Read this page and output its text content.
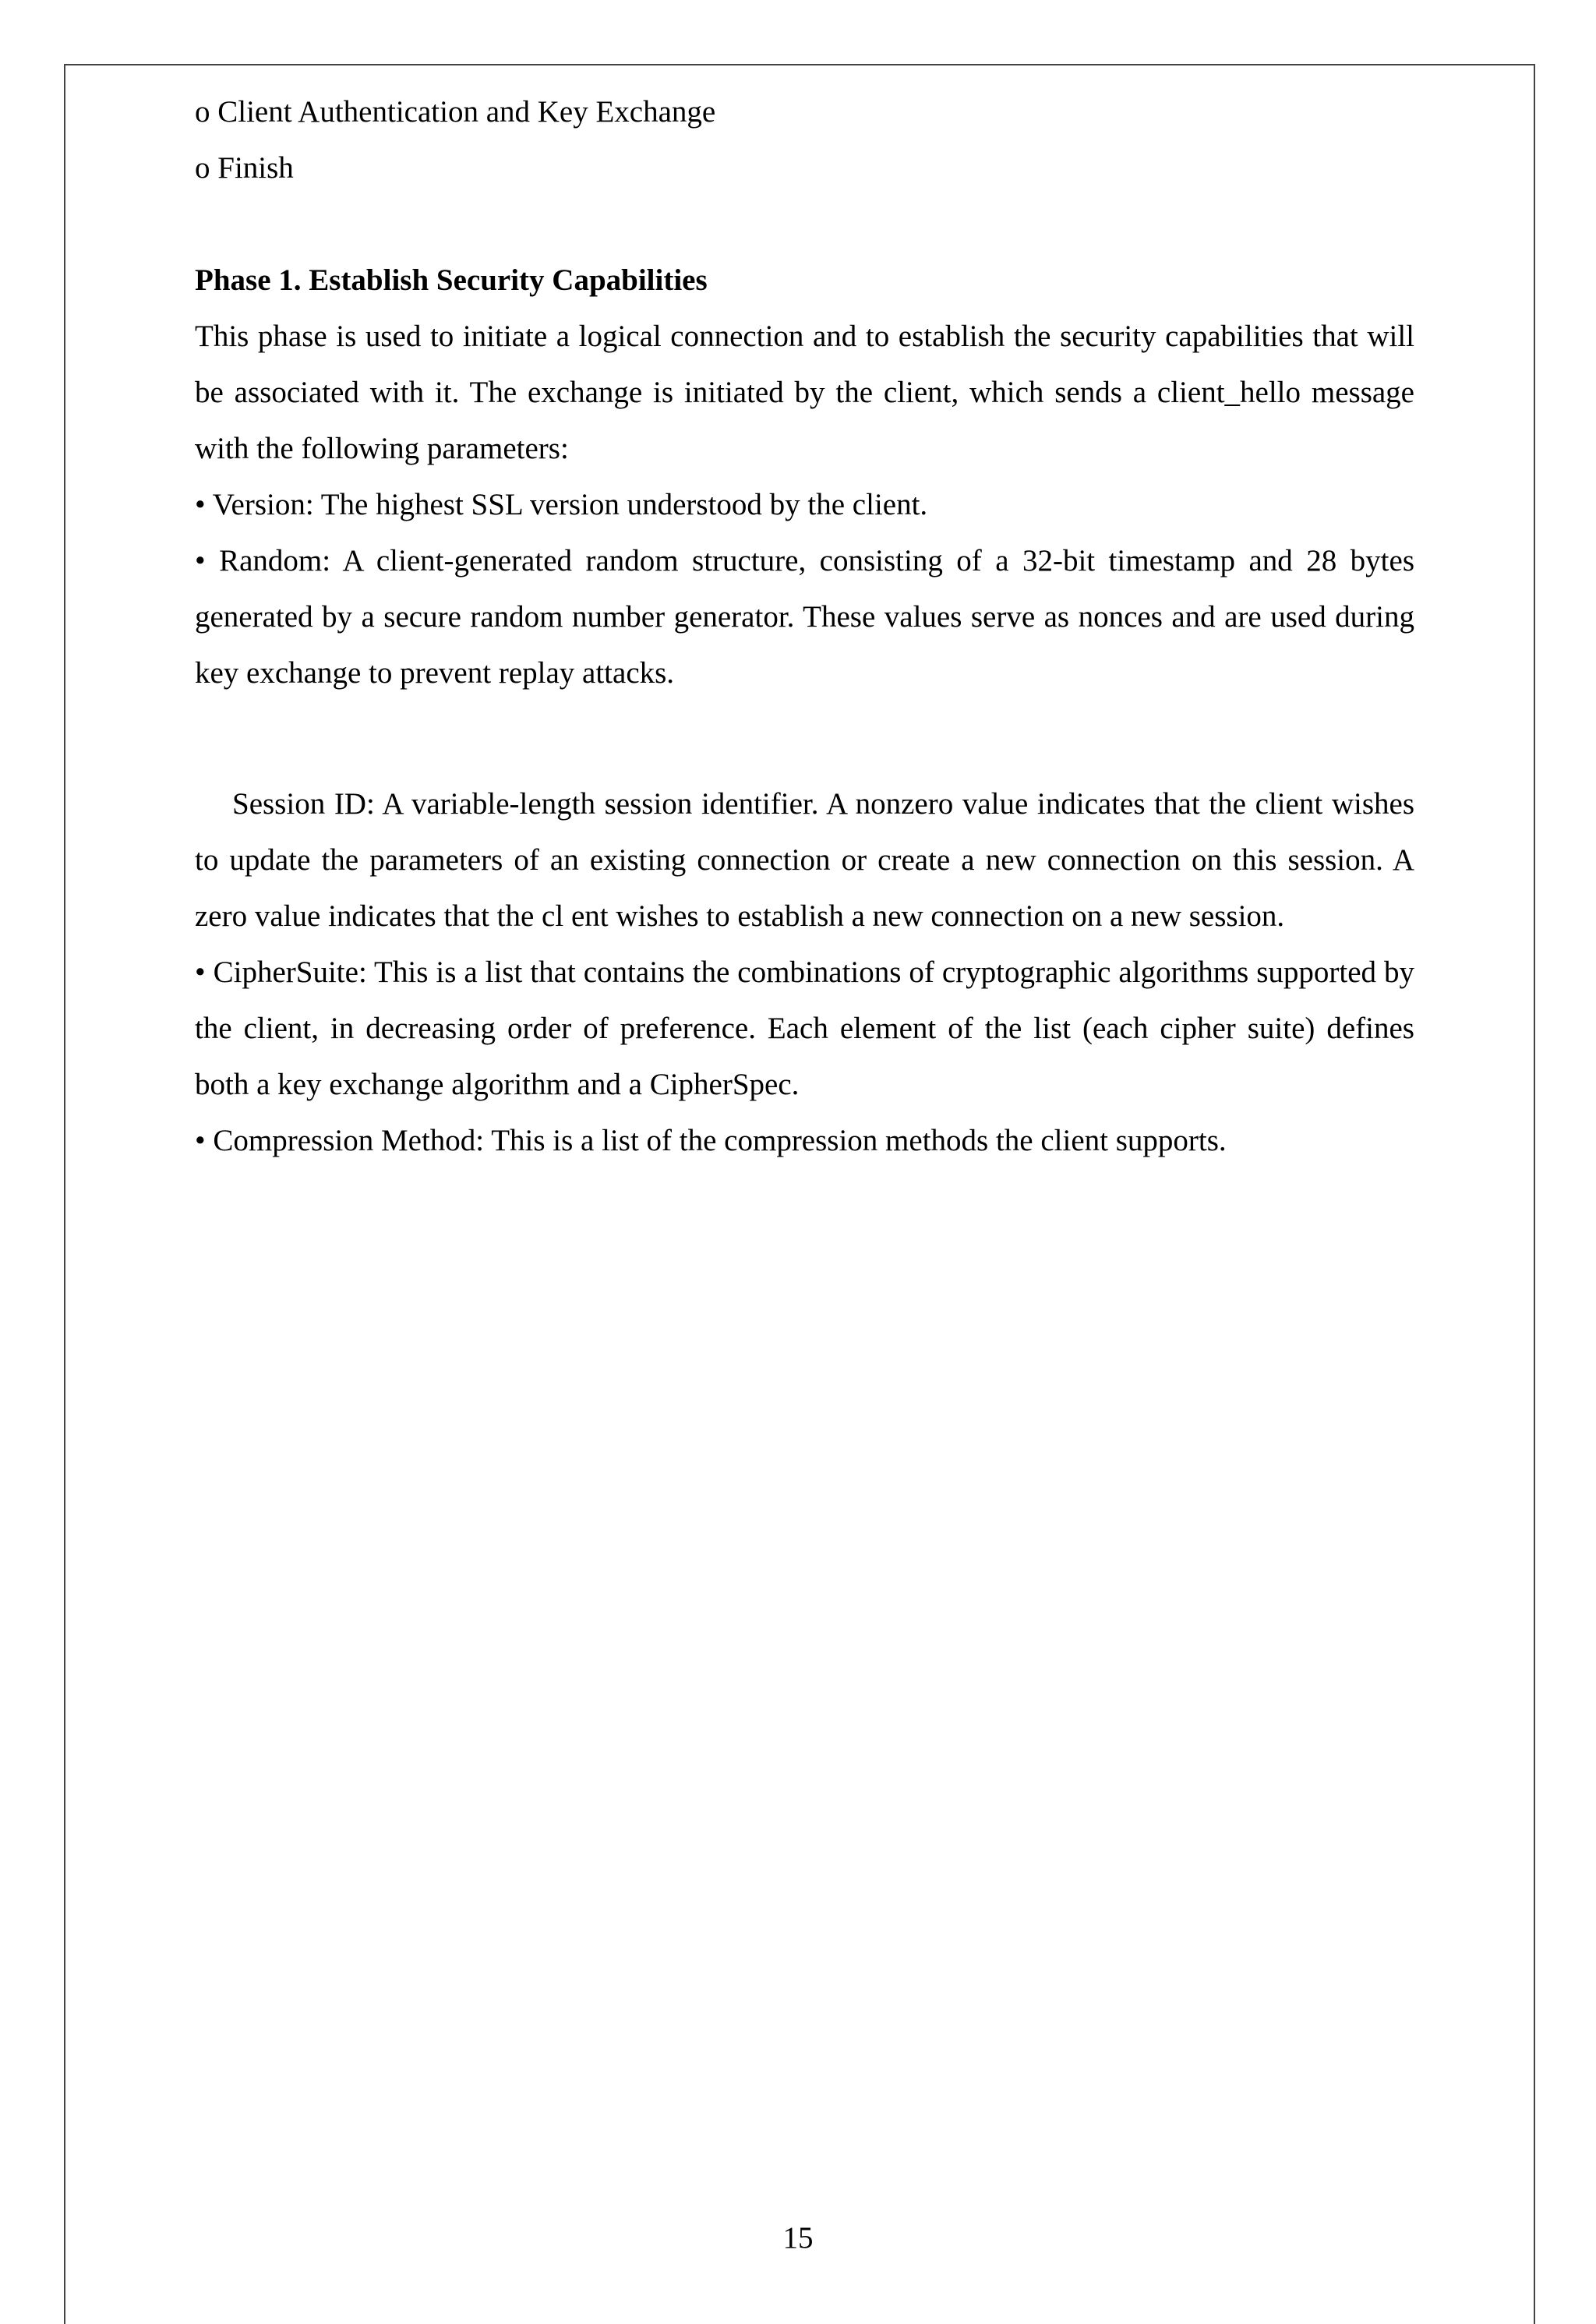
o Client Authentication and Key Exchange

o Finish

Phase 1. Establish Security Capabilities

This phase is used to initiate a logical connection and to establish the security capabilities that will be associated with it. The exchange is initiated by the client, which sends a client_hello message with the following parameters:

• Version: The highest SSL version understood by the client.

• Random: A client-generated random structure, consisting of a 32-bit timestamp and 28 bytes generated by a secure random number generator. These values serve as nonces and are used during key exchange to prevent replay attacks.

Session ID: A variable-length session identifier. A nonzero value indicates that the client wishes to update the parameters of an existing connection or create a new connection on this session. A zero value indicates that the cl ent wishes to establish a new connection on a new session.

• CipherSuite: This is a list that contains the combinations of cryptographic algorithms supported by the client, in decreasing order of preference. Each element of the list (each cipher suite) defines both a key exchange algorithm and a CipherSpec.

• Compression Method: This is a list of the compression methods the client supports.

15
